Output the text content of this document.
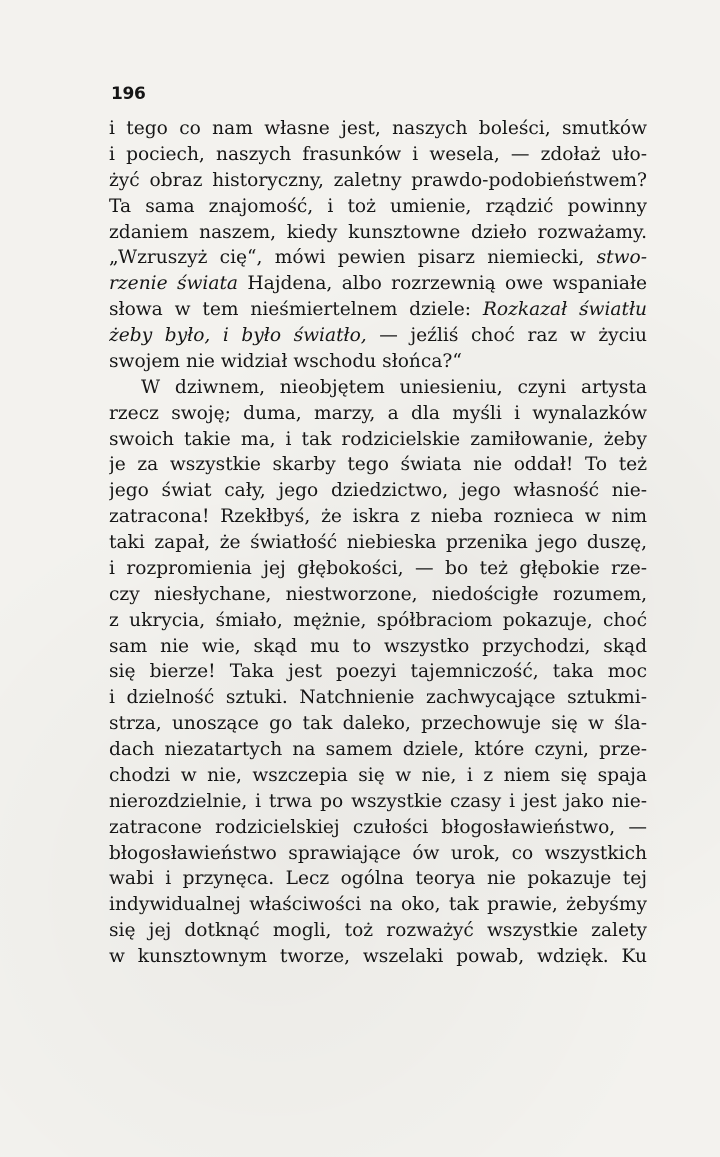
196
i tego co nam własne jest, naszych boleści, smutków
i pociech, naszych frasunków i wesela, — zdołaż uło-
żyć obraz historyczny, zaletny prawdo-podobieństwem?
Ta sama znajomość, i toż umienie, rządzić powinny
zdaniem naszem, kiedy kunsztowne dzieło rozważamy.
„Wzruszyż cię“, mówi pewien pisarz niemiecki, stwo-
rzenie świata Hajdena, albo rozrzewnią owe wspaniałe
słowa w tem nieśmiertelnem dziele: Rozkazał światłu
żeby było, i było światło, — jeźliś choć raz w życiu
swojem nie widział wschodu słońca?“
W dziwnem, nieobjętem uniesieniu, czyni artysta
rzecz swoję; duma, marzy, a dla myśli i wynalazków
swoich takie ma, i tak rodzicielskie zamiłowanie, żeby
je za wszystkie skarby tego świata nie oddał! To też
jego świat cały, jego dziedzictwo, jego własność nie-
zatracona! Rzekłbyś, że iskra z nieba roznieca w nim
taki zapał, że światłość niebieska przenika jego duszę,
i rozpromienia jej głębokości, — bo też głębokie rze-
czy niesłychane, niestworzone, niedościgłe rozumem,
z ukrycia, śmiało, mężnie, spółbraciom pokazuje, choć
sam nie wie, skąd mu to wszystko przychodzi, skąd
się bierze! Taka jest poezyi tajemniczość, taka moc
i dzielność sztuki. Natchnienie zachwycające sztukmi-
strza, unoszące go tak daleko, przechowuje się w śla-
dach niezatartych na samem dziele, które czyni, prze-
chodzi w nie, wszczepia się w nie, i z niem się spaja
nierozdzielnie, i trwa po wszystkie czasy i jest jako nie-
zatracone rodzicielskiej czułości błogosławieństwo, —
błogosławieństwo sprawiające ów urok, co wszystkich
wabi i przynęca. Lecz ogólna teorya nie pokazuje tej
indywidualnej właściwości na oko, tak prawie, żebyśmy
się jej dotknąć mogli, toż rozważyć wszystkie zalety
w kunsztownym tworze, wszelaki powab, wdzięk. Ku
